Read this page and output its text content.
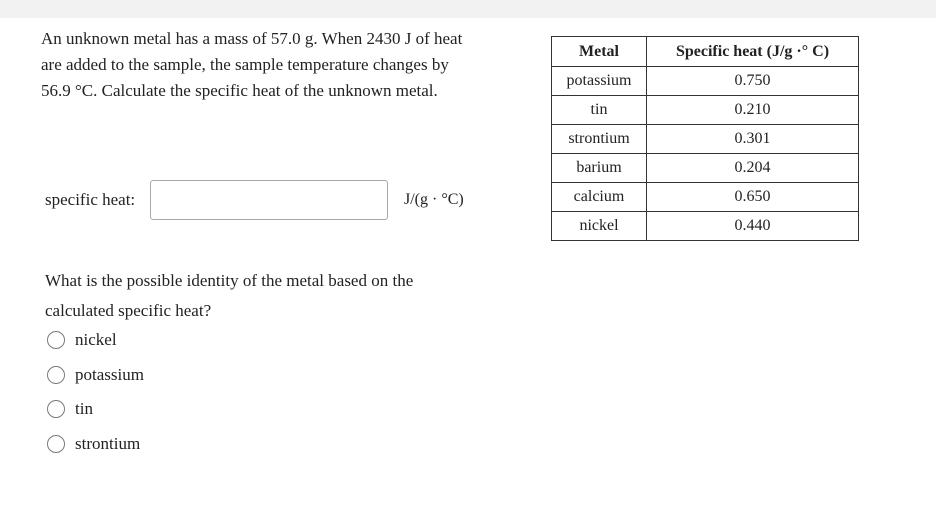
An unknown metal has a mass of 57.0 g. When 2430 J of heat are added to the sample, the sample temperature changes by 56.9 °C. Calculate the specific heat of the unknown metal.
specific heat:	J/(g · °C)
What is the possible identity of the metal based on the calculated specific heat?
nickel
potassium
tin
strontium
Metal	Specific heat (J/g ·° C)
potassium	0.750
tin	0.210
strontium	0.301
barium	0.204
calcium	0.650
nickel	0.440
